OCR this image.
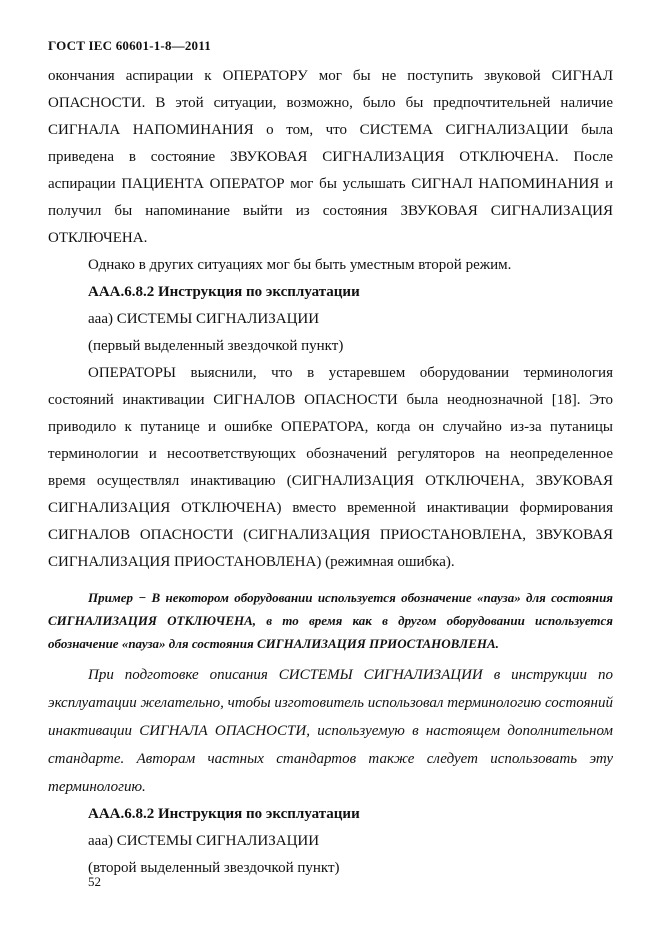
ГОСТ IEC 60601-1-8—2011

окончания аспирации к ОПЕРАТОРУ мог бы не поступить звуковой СИГНАЛ ОПАСНОСТИ. В этой ситуации, возможно, было бы предпочтительней наличие СИГНАЛА НАПОМИНАНИЯ о том, что СИСТЕМА СИГНАЛИЗАЦИИ была приведена в состояние ЗВУКОВАЯ СИГНАЛИЗАЦИЯ ОТКЛЮЧЕНА. После аспирации ПАЦИЕНТА ОПЕРАТОР мог бы услышать СИГНАЛ НАПОМИНАНИЯ и получил бы напоминание выйти из состояния ЗВУКОВАЯ СИГНАЛИЗАЦИЯ ОТКЛЮЧЕНА.

Однако в других ситуациях мог бы быть уместным второй режим.

ААА.6.8.2 Инструкция по эксплуатации

ааа) СИСТЕМЫ СИГНАЛИЗАЦИИ

(первый выделенный звездочкой пункт)

ОПЕРАТОРЫ выяснили, что в устаревшем оборудовании терминология состояний инактивации СИГНАЛОВ ОПАСНОСТИ была неоднозначной [18]. Это приводило к путанице и ошибке ОПЕРАТОРА, когда он случайно из-за путаницы терминологии и несоответствующих обозначений регуляторов на неопределенное время осуществлял инактивацию (СИГНАЛИЗАЦИЯ ОТКЛЮЧЕНА, ЗВУКОВАЯ СИГНАЛИЗАЦИЯ ОТКЛЮЧЕНА) вместо временной инактивации формирования СИГНАЛОВ ОПАСНОСТИ (СИГНАЛИЗАЦИЯ ПРИОСТАНОВЛЕНА, ЗВУКОВАЯ СИГНАЛИЗАЦИЯ ПРИОСТАНОВЛЕНА) (режимная ошибка).

Пример − В некотором оборудовании используется обозначение «пауза» для состояния СИГНАЛИЗАЦИЯ ОТКЛЮЧЕНА, в то время как в другом оборудовании используется обозначение «пауза» для состояния СИГНАЛИЗАЦИЯ ПРИОСТАНОВЛЕНА.

При подготовке описания СИСТЕМЫ СИГНАЛИЗАЦИИ в инструкции по эксплуатации желательно, чтобы изготовитель использовал терминологию состояний инактивации СИГНАЛА ОПАСНОСТИ, используемую в настоящем дополнительном стандарте. Авторам частных стандартов также следует использовать эту терминологию.

ААА.6.8.2 Инструкция по эксплуатации

ааа) СИСТЕМЫ СИГНАЛИЗАЦИИ

(второй выделенный звездочкой пункт)

52
